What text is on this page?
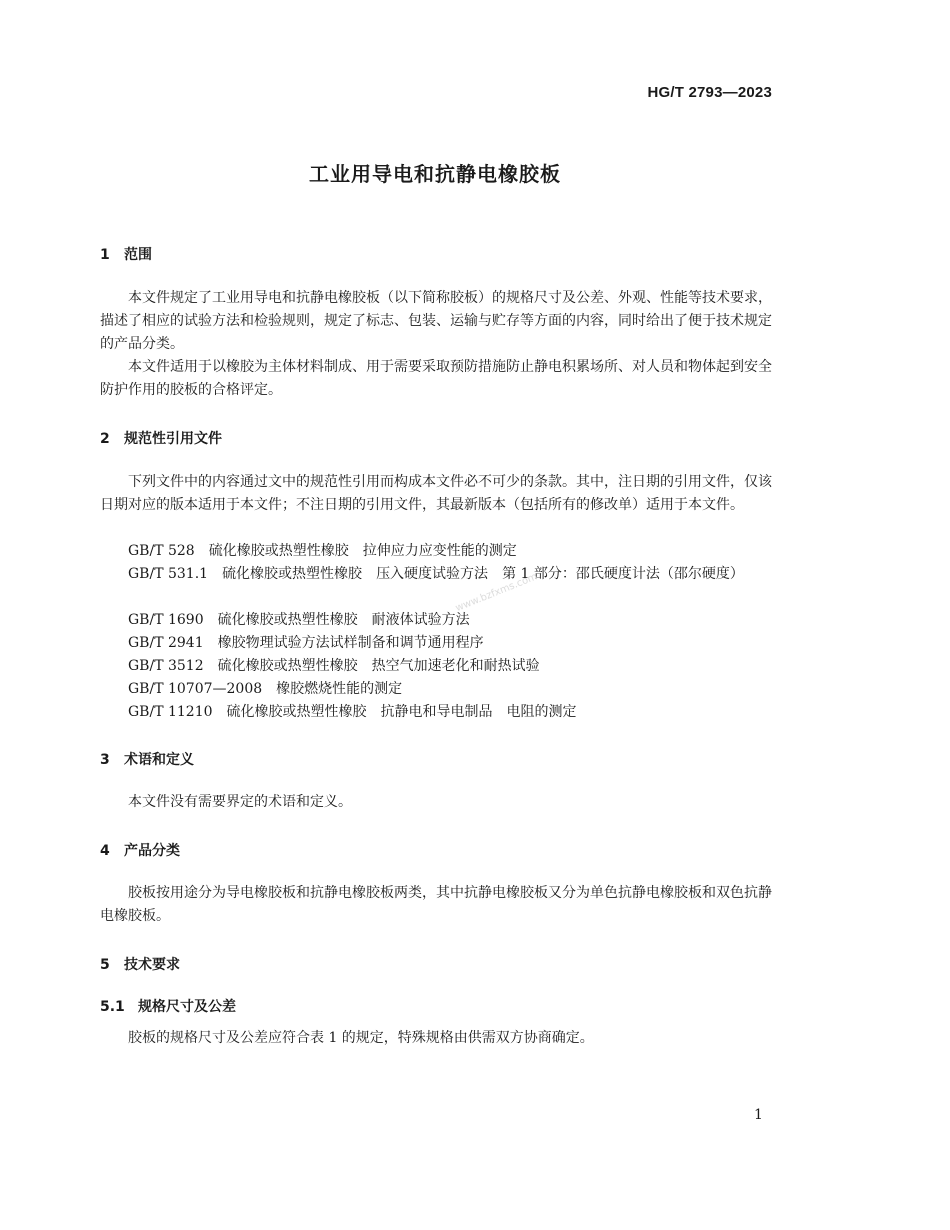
HG/T 2793—2023
工业用导电和抗静电橡胶板
1 范围

本文件规定了工业用导电和抗静电橡胶板（以下简称胶板）的规格尺寸及公差、外观、性能等技术要求，描述了相应的试验方法和检验规则，规定了标志、包装、运输与贮存等方面的内容，同时给出了便于技术规定的产品分类。

本文件适用于以橡胶为主体材料制成、用于需要采取预防措施防止静电积累场所、对人员和物体起到安全防护作用的胶板的合格评定。

2 规范性引用文件

下列文件中的内容通过文中的规范性引用而构成本文件必不可少的条款。其中，注日期的引用文件，仅该日期对应的版本适用于本文件；不注日期的引用文件，其最新版本（包括所有的修改单）适用于本文件。

GB/T 528 硫化橡胶或热塑性橡胶 拉伸应力应变性能的测定

GB/T 531.1 硫化橡胶或热塑性橡胶 压入硬度试验方法 第 1 部分：邵氏硬度计法（邵尔硬度）

GB/T 1690 硫化橡胶或热塑性橡胶 耐液体试验方法

GB/T 2941 橡胶物理试验方法试样制备和调节通用程序

GB/T 3512 硫化橡胶或热塑性橡胶 热空气加速老化和耐热试验

GB/T 10707—2008 橡胶燃烧性能的测定

GB/T 11210 硫化橡胶或热塑性橡胶 抗静电和导电制品 电阻的测定

3 术语和定义

本文件没有需要界定的术语和定义。

4 产品分类

胶板按用途分为导电橡胶板和抗静电橡胶板两类，其中抗静电橡胶板又分为单色抗静电橡胶板和双色抗静电橡胶板。

5 技术要求
5.1 规格尺寸及公差

胶板的规格尺寸及公差应符合表 1 的规定，特殊规格由供需双方协商确定。

www.bzfxms.com
1
